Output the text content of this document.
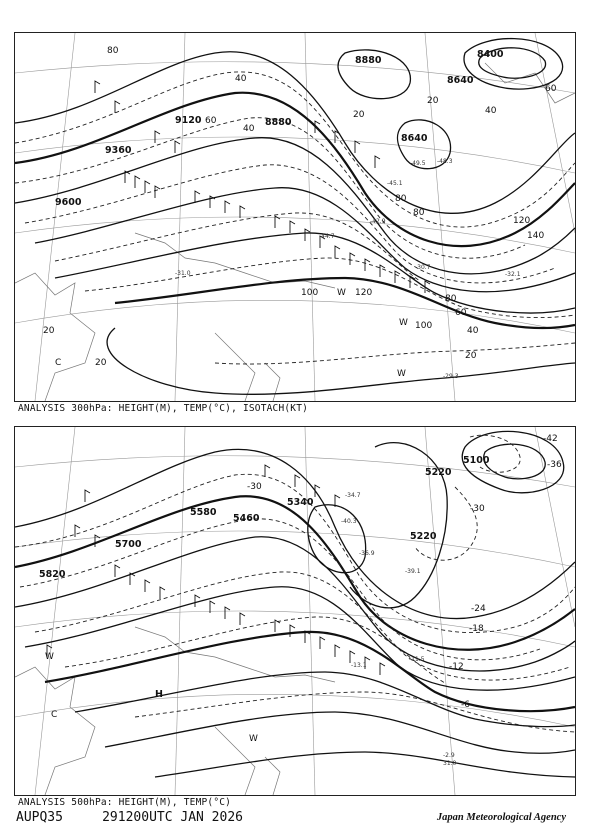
8400
8640
8880
8880
8640
9120
9360
9600
80
40
20
20
40
60
80
100	120
140
120
100
80
60
40
20
20
20
40
60
80
W
W
W
C
-49.5 -48.3
-45.1
-42.9
-44.7
-31.0
-30.7
-32.1
-29.3
ANALYSIS 300hPa: HEIGHT(M), TEMP(°C), ISOTACH(KT)
5100
5220
5220
5340
5460
5580
5700
5820
-42
-36
-30
-24
-18
-12
-6
-30
H
W
W
C
-34.7
-40.3
-36.9
-39.1
-13.1
-11.5
-2.9
31.0
ANALYSIS 500hPa: HEIGHT(M), TEMP(°C)
AUPQ35	291200UTC JAN 2026	Japan Meteorological Agency
